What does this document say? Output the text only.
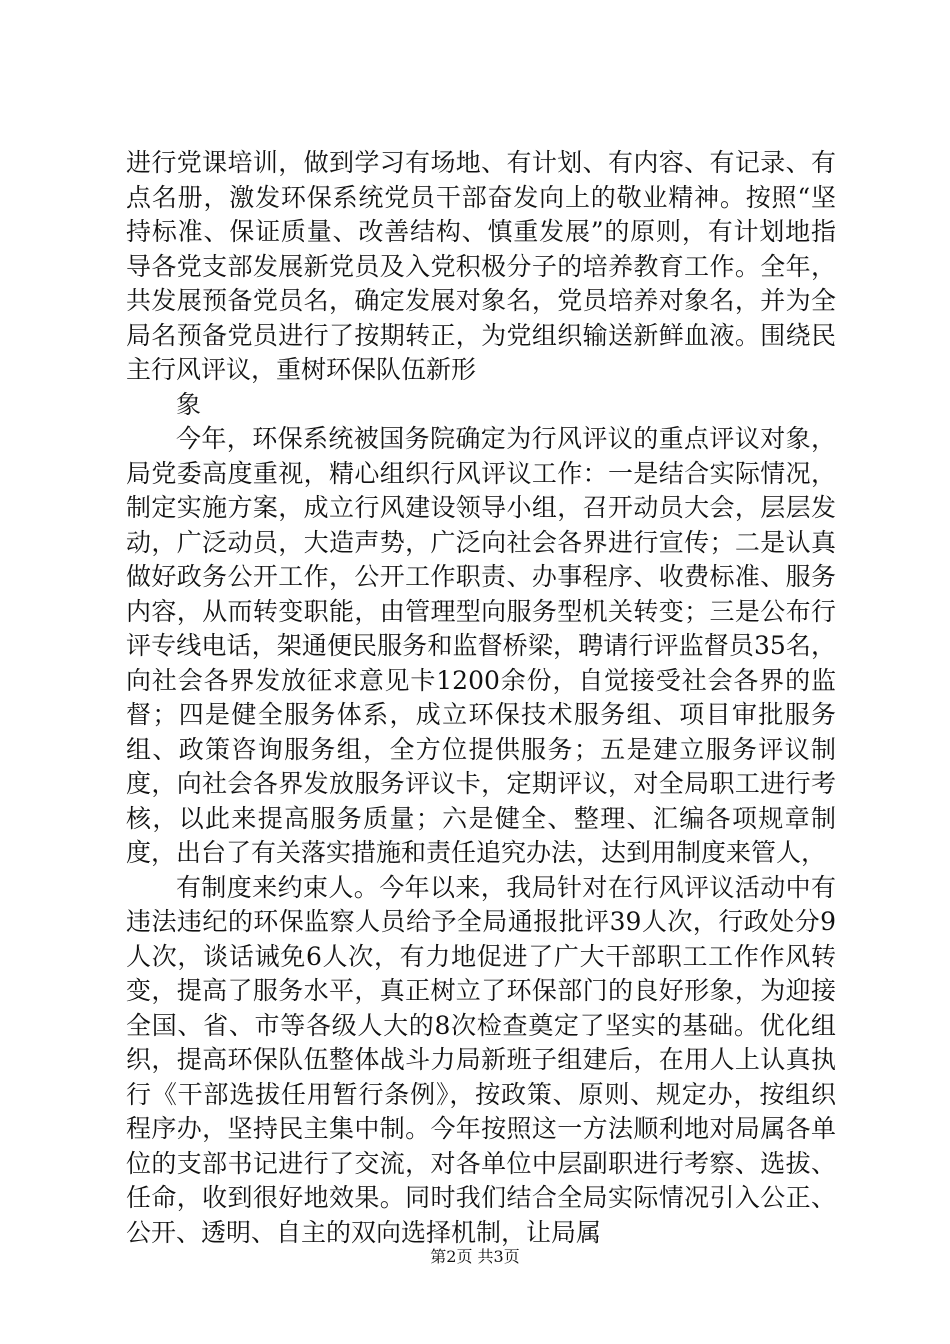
进行党课培训，做到学习有场地、有计划、有内容、有记录、有点名册，激发环保系统党员干部奋发向上的敬业精神。按照“坚持标准、保证质量、改善结构、慎重发展”的原则，有计划地指导各党支部发展新党员及入党积极分子的培养教育工作。全年，共发展预备党员名，确定发展对象名，党员培养对象名，并为全局名预备党员进行了按期转正，为党组织输送新鲜血液。围绕民主行风评议，重树环保队伍新形

象

今年，环保系统被国务院确定为行风评议的重点评议对象，局党委高度重视，精心组织行风评议工作：一是结合实际情况，制定实施方案，成立行风建设领导小组，召开动员大会，层层发动，广泛动员，大造声势，广泛向社会各界进行宣传；二是认真做好政务公开工作，公开工作职责、办事程序、收费标准、服务内容，从而转变职能，由管理型向服务型机关转变；三是公布行评专线电话，架通便民服务和监督桥梁，聘请行评监督员35名，向社会各界发放征求意见卡1200余份，自觉接受社会各界的监督；四是健全服务体系，成立环保技术服务组、项目审批服务组、政策咨询服务组，全方位提供服务；五是建立服务评议制度，向社会各界发放服务评议卡，定期评议，对全局职工进行考核，以此来提高服务质量；六是健全、整理、汇编各项规章制度，出台了有关落实措施和责任追究办法，达到用制度来管人，

有制度来约束人。今年以来，我局针对在行风评议活动中有违法违纪的环保监察人员给予全局通报批评39人次，行政处分9人次，谈话诫免6人次，有力地促进了广大干部职工工作作风转变，提高了服务水平，真正树立了环保部门的良好形象，为迎接全国、省、市等各级人大的8次检查奠定了坚实的基础。优化组织，提高环保队伍整体战斗力局新班子组建后，在用人上认真执行《干部选拔任用暂行条例》，按政策、原则、规定办，按组织程序办，坚持民主集中制。今年按照这一方法顺利地对局属各单位的支部书记进行了交流，对各单位中层副职进行考察、选拔、任命，收到很好地效果。同时我们结合全局实际情况引入公正、公开、透明、自主的双向选择机制，让局属

第2页 共3页
